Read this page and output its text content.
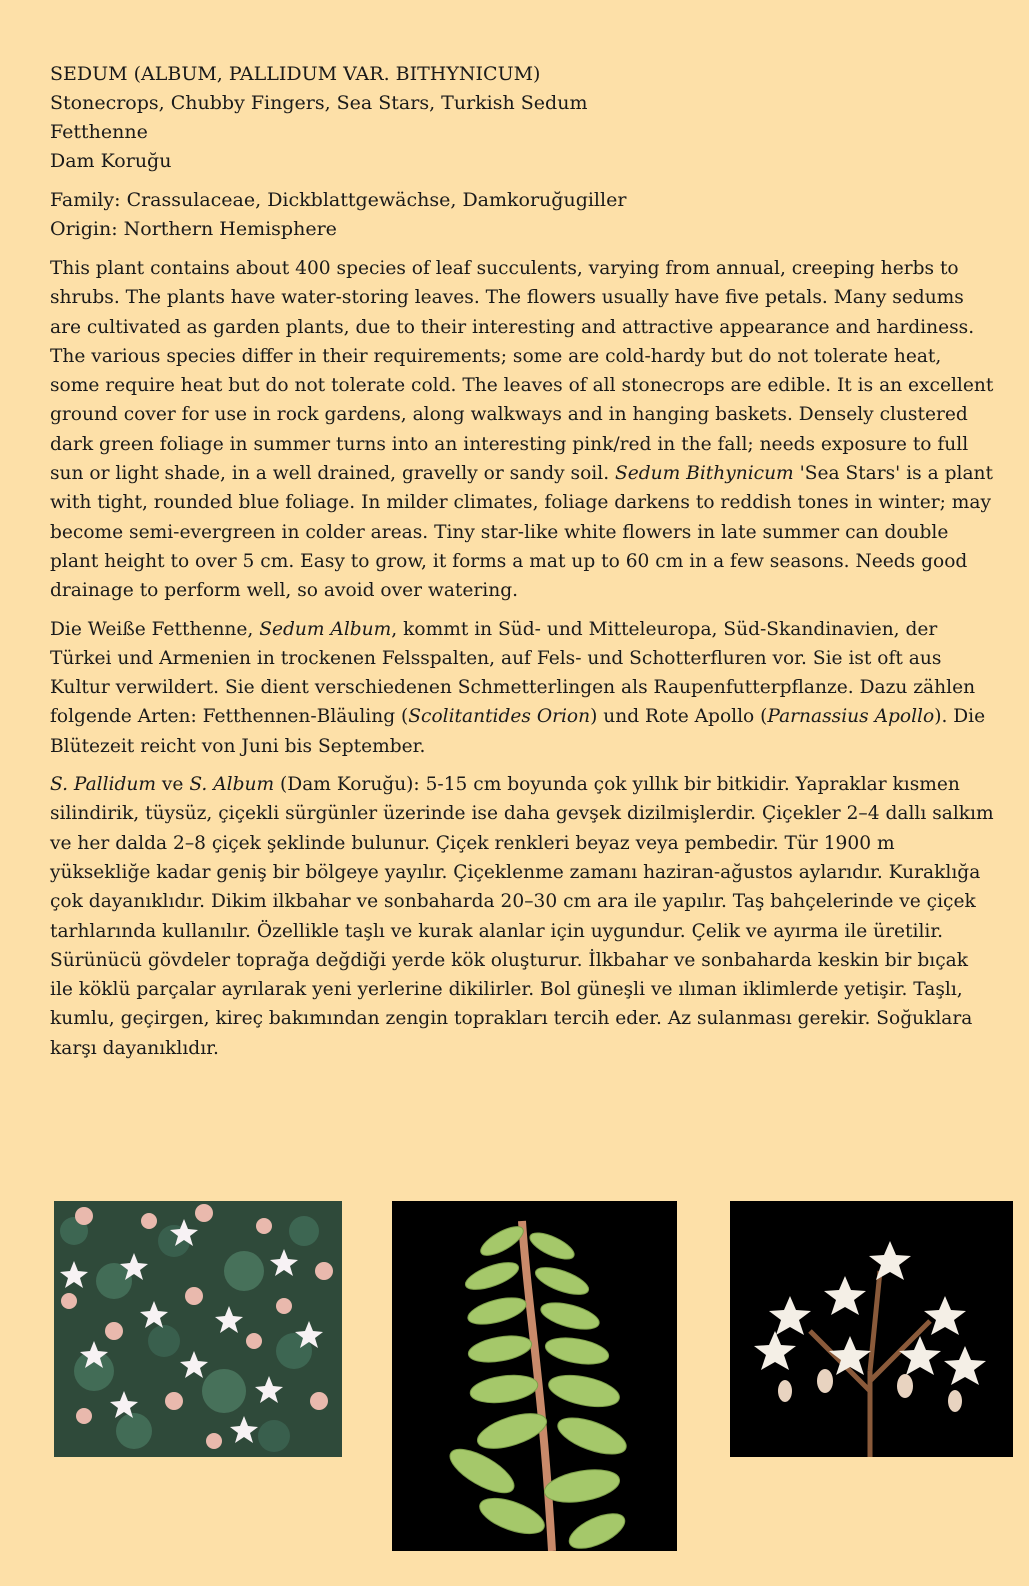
SEDUM (ALBUM, PALLIDUM VAR. BITHYNICUM)
Stonecrops, Chubby Fingers, Sea Stars, Turkish Sedum
Fetthenne
Dam Koruğu
Family: Crassulaceae, Dickblattgewächse, Damkoruğugiller
Origin: Northern Hemisphere

This plant contains about 400 species of leaf succulents, varying from annual, creeping herbs to shrubs. The plants have water-storing leaves. The flowers usually have five petals. Many sedums are cultivated as garden plants, due to their interesting and attractive appearance and hardiness. The various species differ in their requirements; some are cold-hardy but do not tolerate heat, some require heat but do not tolerate cold. The leaves of all stonecrops are edible. It is an excellent ground cover for use in rock gardens, along walkways and in hanging baskets. Densely clustered dark green foliage in summer turns into an interesting pink/red in the fall; needs exposure to full sun or light shade, in a well drained, gravelly or sandy soil. Sedum Bithynicum 'Sea Stars' is a plant with tight, rounded blue foliage. In milder climates, foliage darkens to reddish tones in winter; may become semi-evergreen in colder areas. Tiny star-like white flowers in late summer can double plant height to over 5 cm. Easy to grow, it forms a mat up to 60 cm in a few seasons. Needs good drainage to perform well, so avoid over watering.

Die Weiße Fetthenne, Sedum Album, kommt in Süd- und Mitteleuropa, Süd-Skandinavien, der Türkei und Armenien in trockenen Felsspalten, auf Fels- und Schotterfluren vor. Sie ist oft aus Kultur verwildert. Sie dient verschiedenen Schmetterlingen als Raupenfutterpflanze. Dazu zählen folgende Arten: Fetthennen-Bläuling (Scolitantides Orion) und Rote Apollo (Parnassius Apollo). Die Blütezeit reicht von Juni bis September.

S. Pallidum ve S. Album (Dam Koruğu): 5-15 cm boyunda çok yıllık bir bitkidir. Yapraklar kısmen silindirik, tüysüz, çiçekli sürgünler üzerinde ise daha gevşek dizilmişlerdir. Çiçekler 2–4 dallı salkım ve her dalda 2–8 çiçek şeklinde bulunur. Çiçek renkleri beyaz veya pembedir. Tür 1900 m yüksekliğe kadar geniş bir bölgeye yayılır. Çiçeklenme zamanı haziran-ağustos aylarıdır. Kuraklığa çok dayanıklıdır. Dikim ilkbahar ve sonbaharda 20–30 cm ara ile yapılır. Taş bahçelerinde ve çiçek tarhlarında kullanılır. Özellikle taşlı ve kurak alanlar için uygundur. Çelik ve ayırma ile üretilir. Sürünücü gövdeler toprağa değdiği yerde kök oluşturur. İlkbahar ve sonbaharda keskin bir bıçak ile köklü parçalar ayrılarak yeni yerlerine dikilirler. Bol güneşli ve ılıman iklimlerde yetişir. Taşlı, kumlu, geçirgen, kireç bakımından zengin toprakları tercih eder. Az sulanması gerekir. Soğuklara karşı dayanıklıdır.
